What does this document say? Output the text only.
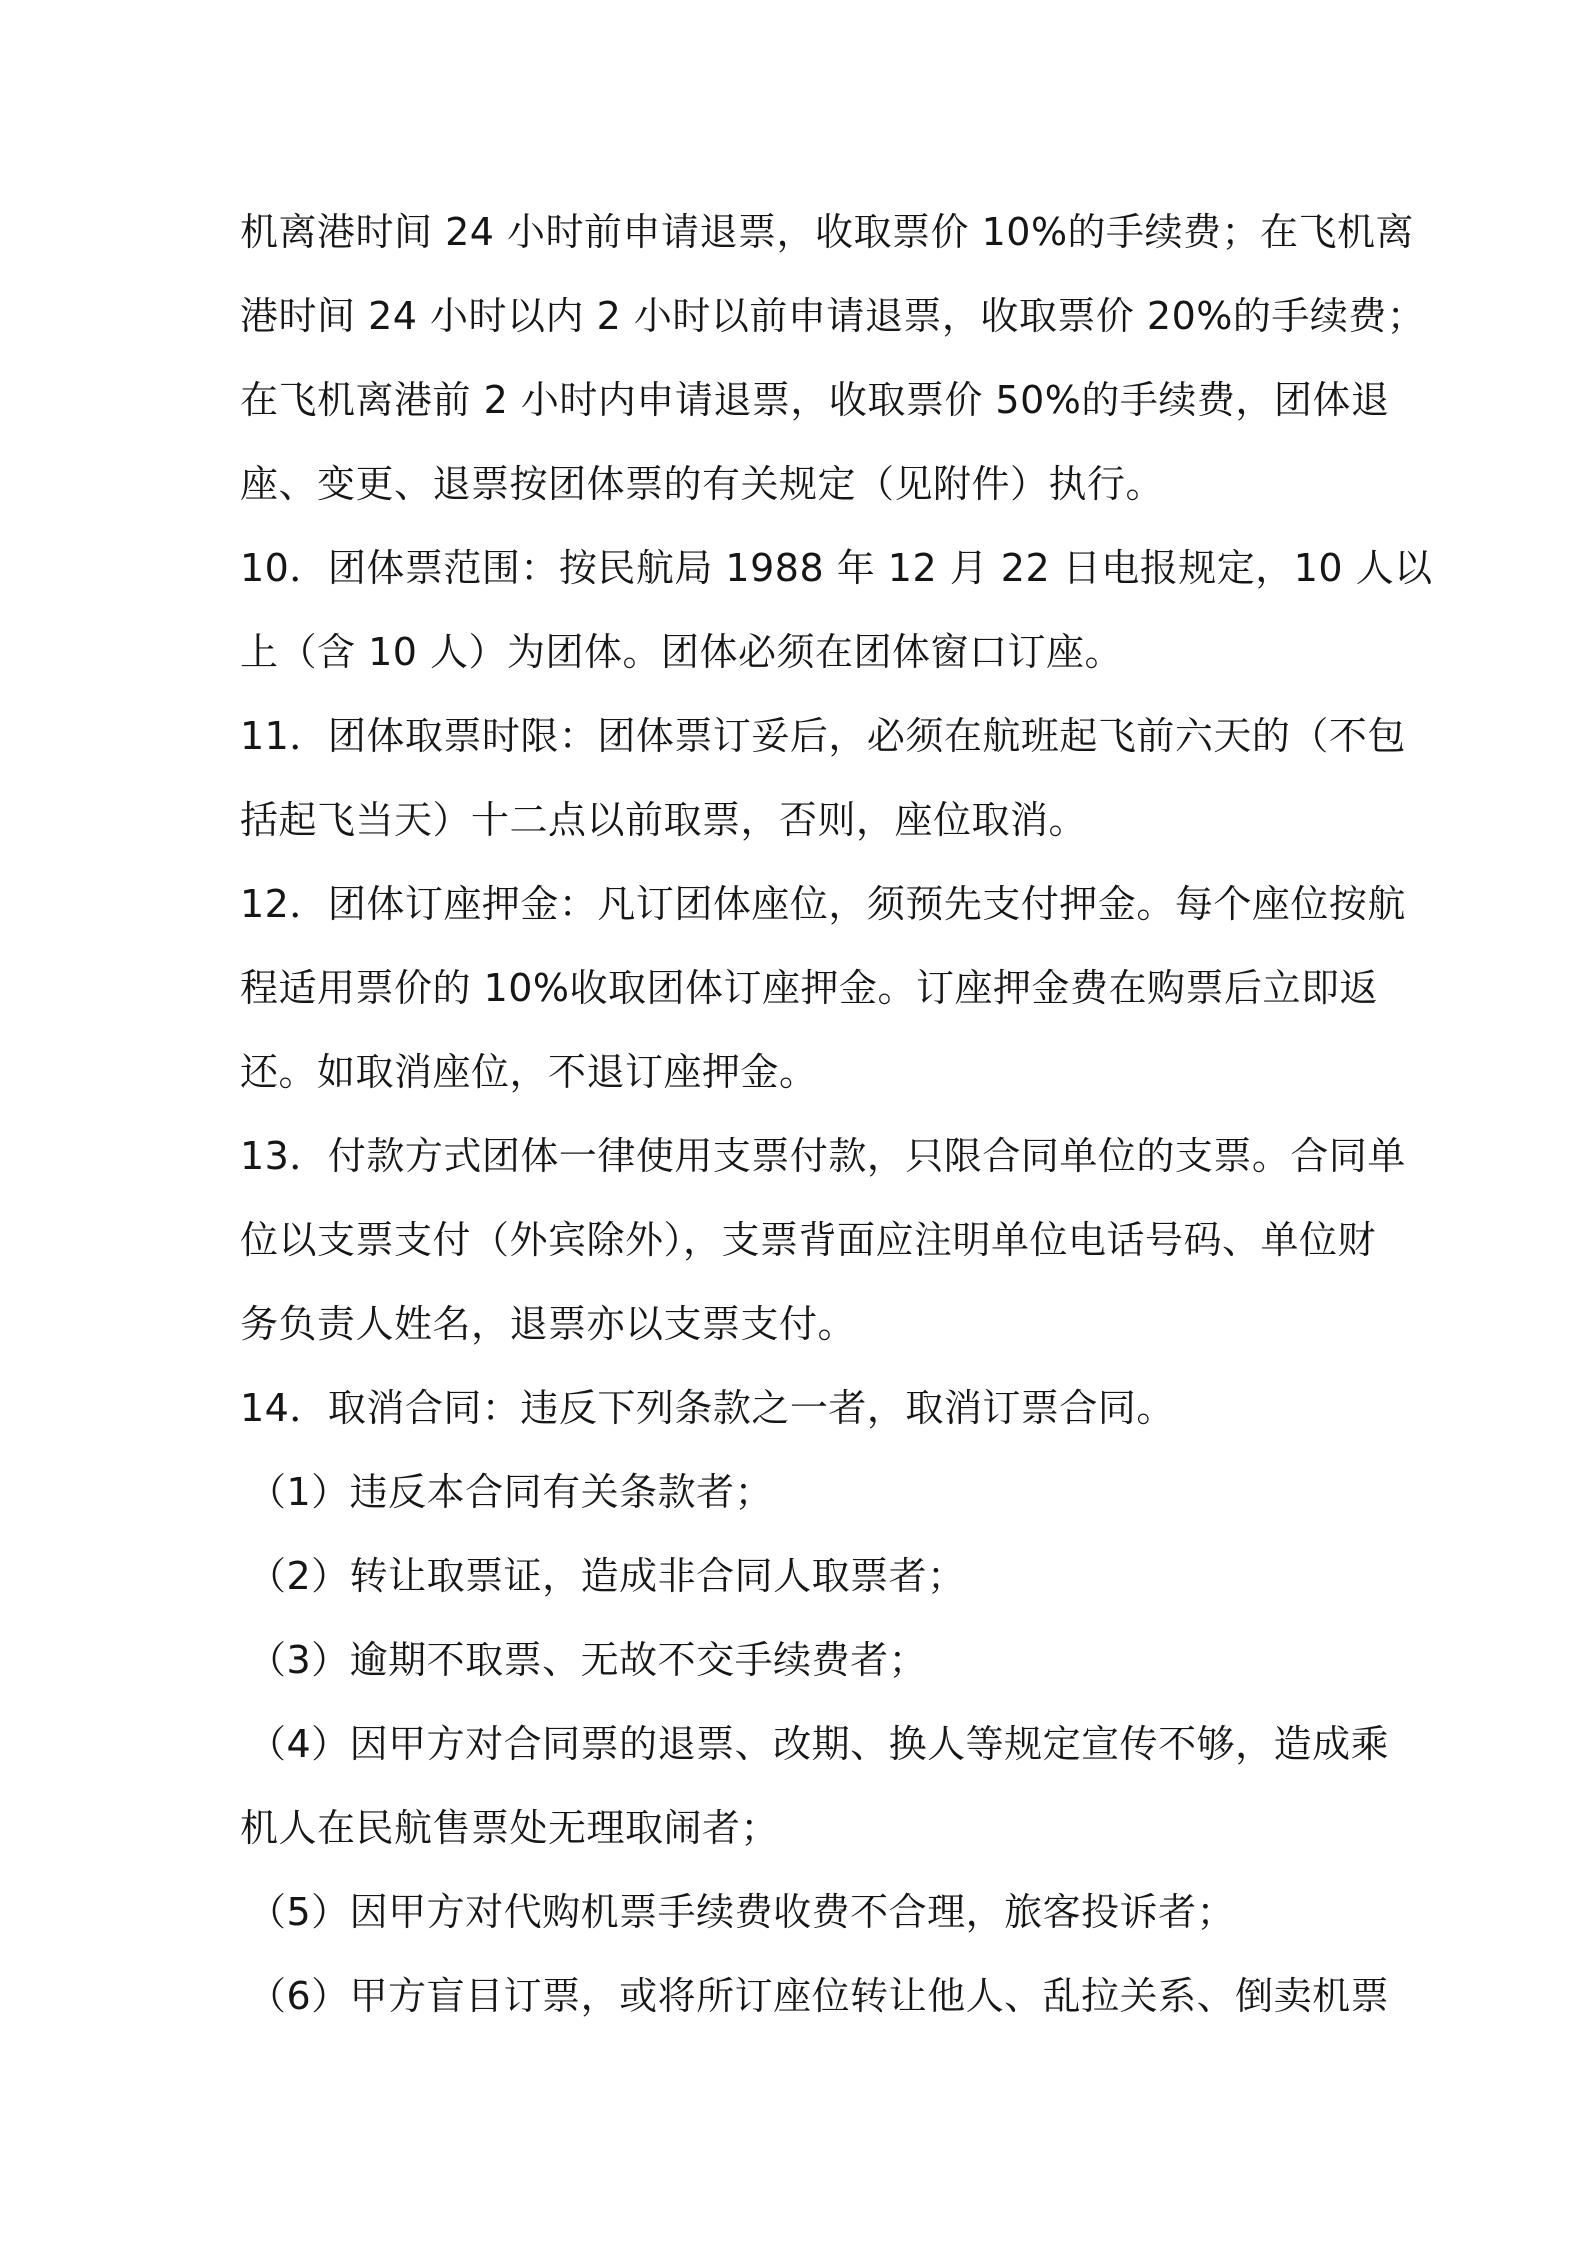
机离港时间 24 小时前申请退票，收取票价 10%的手续费；在飞机离
港时间 24 小时以内 2 小时以前申请退票，收取票价 20%的手续费；
在飞机离港前 2 小时内申请退票，收取票价 50%的手续费，团体退
座、变更、退票按团体票的有关规定（见附件）执行。
10．团体票范围：按民航局 1988 年 12 月 22 日电报规定，10 人以
上（含 10 人）为团体。团体必须在团体窗口订座。
11．团体取票时限：团体票订妥后，必须在航班起飞前六天的（不包
括起飞当天）十二点以前取票，否则，座位取消。
12．团体订座押金：凡订团体座位，须预先支付押金。每个座位按航
程适用票价的 10%收取团体订座押金。订座押金费在购票后立即返
还。如取消座位，不退订座押金。
13．付款方式团体一律使用支票付款，只限合同单位的支票。合同单
位以支票支付（外宾除外），支票背面应注明单位电话号码、单位财
务负责人姓名，退票亦以支票支付。
14．取消合同：违反下列条款之一者，取消订票合同。
（1）违反本合同有关条款者；
（2）转让取票证，造成非合同人取票者；
（3）逾期不取票、无故不交手续费者；
（4）因甲方对合同票的退票、改期、换人等规定宣传不够，造成乘
机人在民航售票处无理取闹者；
（5）因甲方对代购机票手续费收费不合理，旅客投诉者；
（6）甲方盲目订票，或将所订座位转让他人、乱拉关系、倒卖机票
